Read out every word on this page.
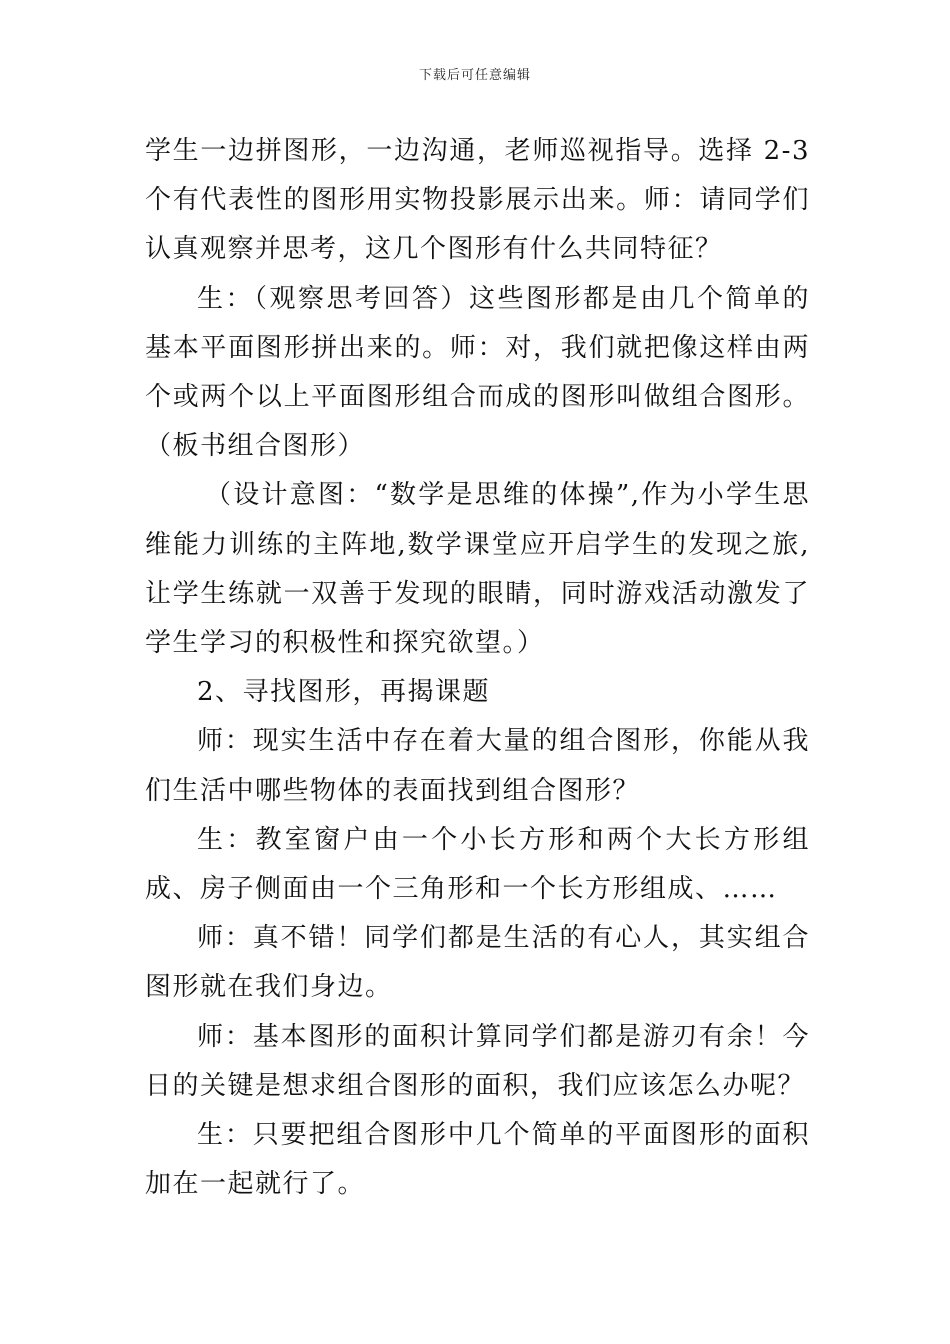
下载后可任意编辑

学生一边拼图形，一边沟通，老师巡视指导。选择 2-3 个有代表性的图形用实物投影展示出来。师：请同学们认真观察并思考，这几个图形有什么共同特征？

生：（观察思考回答）这些图形都是由几个简单的基本平面图形拼出来的。师：对，我们就把像这样由两个或两个以上平面图形组合而成的图形叫做组合图形。（板书组合图形）

（设计意图：“数学是思维的体操”,作为小学生思维能力训练的主阵地,数学课堂应开启学生的发现之旅,让学生练就一双善于发现的眼睛，同时游戏活动激发了学生学习的积极性和探究欲望。）

2、寻找图形，再揭课题

师：现实生活中存在着大量的组合图形，你能从我们生活中哪些物体的表面找到组合图形？

生：教室窗户由一个小长方形和两个大长方形组成、房子侧面由一个三角形和一个长方形组成、……

师：真不错！同学们都是生活的有心人，其实组合图形就在我们身边。

师：基本图形的面积计算同学们都是游刃有余！今日的关键是想求组合图形的面积，我们应该怎么办呢？

生：只要把组合图形中几个简单的平面图形的面积加在一起就行了。
